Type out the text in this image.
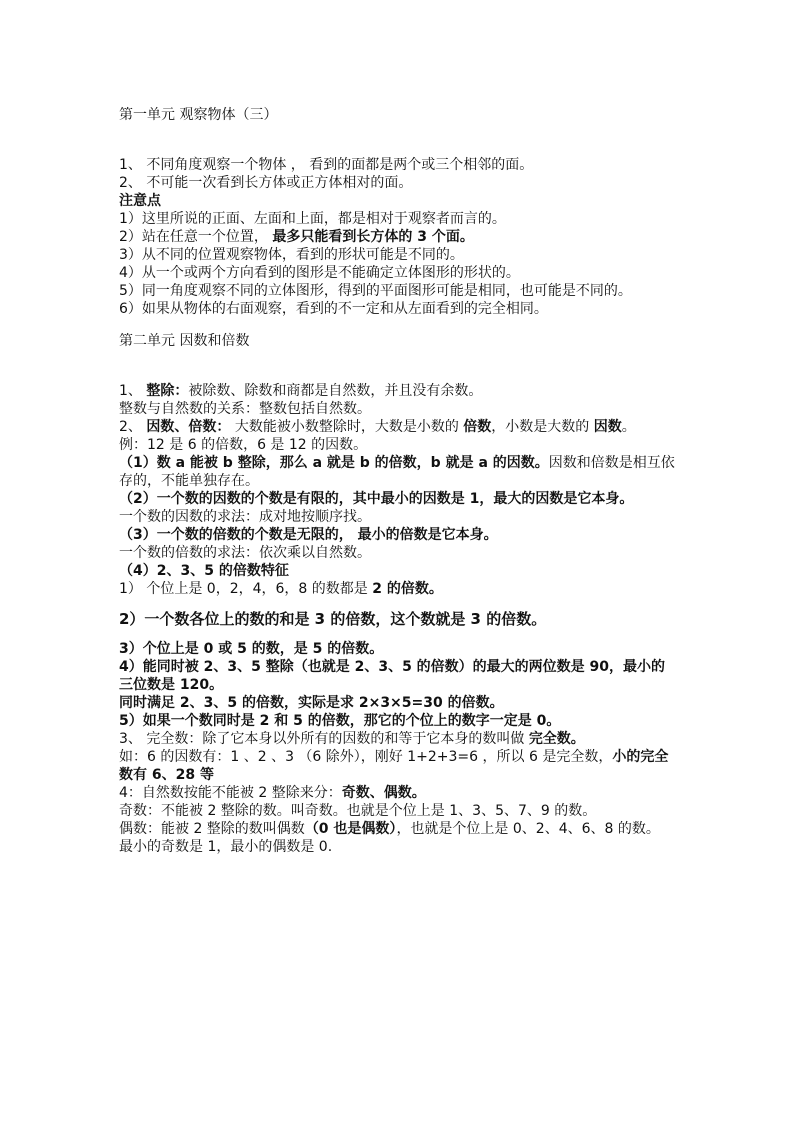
第一单元 观察物体（三）

1、 不同角度观察一个物体 ， 看到的面都是两个或三个相邻的面。

2、 不可能一次看到长方体或正方体相对的面。

注意点

1）这里所说的正面、左面和上面，都是相对于观察者而言的。

2）站在任意一个位置， 最多只能看到长方体的 3 个面。

3）从不同的位置观察物体，看到的形状可能是不同的。

4）从一个或两个方向看到的图形是不能确定立体图形的形状的。

5）同一角度观察不同的立体图形，得到的平面图形可能是相同，也可能是不同的。

6）如果从物体的右面观察，看到的不一定和从左面看到的完全相同。

第二单元 因数和倍数

1、 整除：被除数、除数和商都是自然数，并且没有余数。

整数与自然数的关系：整数包括自然数。

2、 因数、倍数： 大数能被小数整除时，大数是小数的 倍数，小数是大数的 因数。

例：12 是 6 的倍数，6 是 12 的因数。

（1）数 a 能被 b 整除，那么 a 就是 b 的倍数，b 就是 a 的因数。因数和倍数是相互依存的，不能单独存在。

（2）一个数的因数的个数是有限的，其中最小的因数是 1，最大的因数是它本身。

一个数的因数的求法：成对地按顺序找。

（3）一个数的倍数的个数是无限的， 最小的倍数是它本身。

一个数的倍数的求法：依次乘以自然数。

（4）2、3、5 的倍数特征

1） 个位上是 0，2，4，6，8 的数都是 2 的倍数。

2）一个数各位上的数的和是 3 的倍数，这个数就是 3 的倍数。

3）个位上是 0 或 5 的数，是 5 的倍数。

4）能同时被 2、3、5 整除（也就是 2、3、5 的倍数）的最大的两位数是 90，最小的三位数是 120。

同时满足 2、3、5 的倍数，实际是求 2×3×5=30 的倍数。

5）如果一个数同时是 2 和 5 的倍数，那它的个位上的数字一定是 0。

3、 完全数：除了它本身以外所有的因数的和等于它本身的数叫做 完全数。

如：6 的因数有：1 、2 、3 （6 除外），刚好 1+2+3=6 ，所以 6 是完全数，小的完全数有 6、28 等

4：自然数按能不能被 2 整除来分：奇数、偶数。

奇数：不能被 2 整除的数。叫奇数。也就是个位上是 1、3、5、7、9 的数。

偶数：能被 2 整除的数叫偶数（0 也是偶数），也就是个位上是 0、2、4、6、8 的数。

最小的奇数是 1，最小的偶数是 0.
